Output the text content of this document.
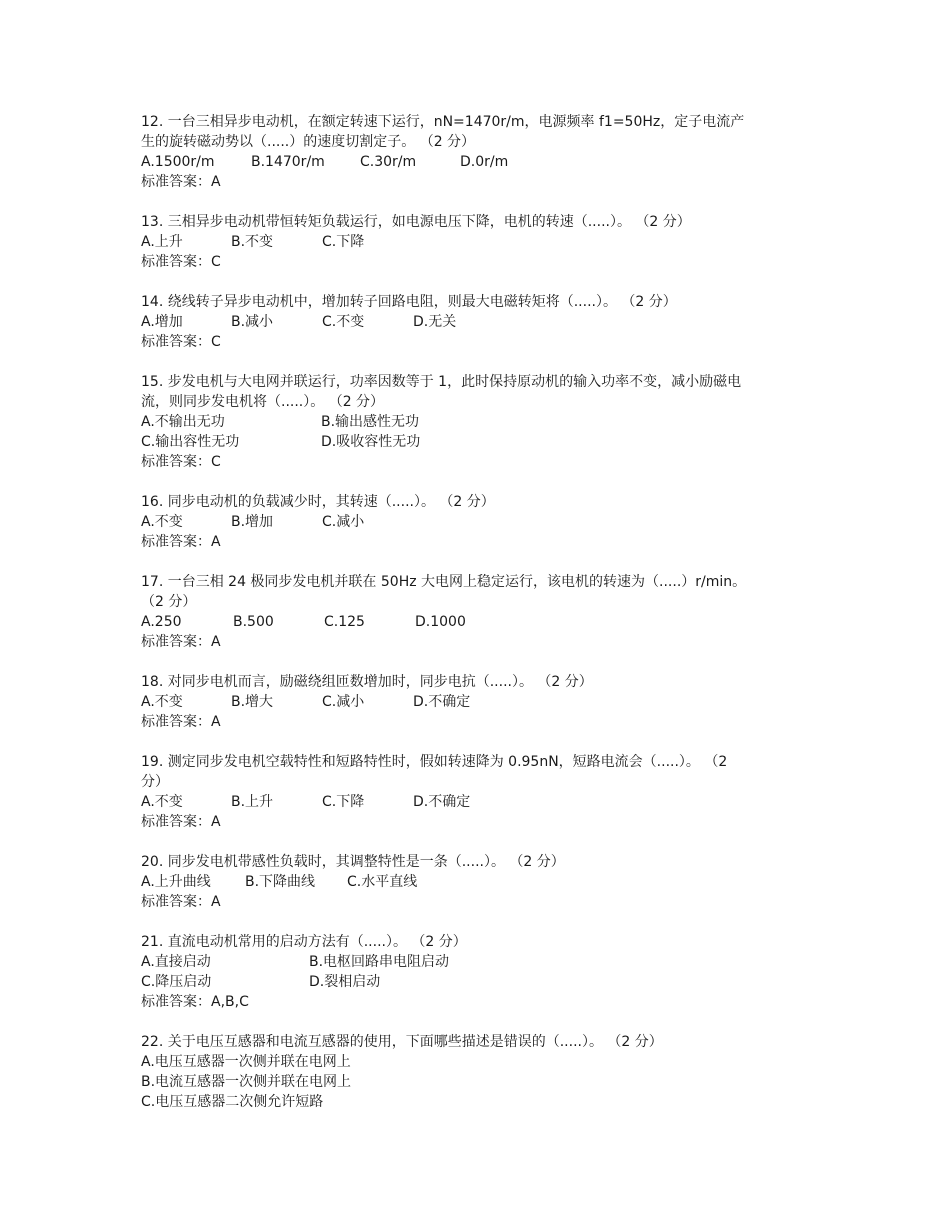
12. 一台三相异步电动机，在额定转速下运行，nN=1470r/m，电源频率 f1=50Hz，定子电流产
生的旋转磁动势以（.....）的速度切割定子。 （2 分）
A.1500r/m	B.1470r/m	C.30r/m	D.0r/m
标准答案：A
13. 三相异步电动机带恒转矩负载运行，如电源电压下降，电机的转速（.....）。 （2 分）
A.上升	B.不变	C.下降
标准答案：C
14. 绕线转子异步电动机中，增加转子回路电阻，则最大电磁转矩将（.....）。 （2 分）
A.增加	B.减小	C.不变	D.无关
标准答案：C
15. 步发电机与大电网并联运行，功率因数等于 1，此时保持原动机的输入功率不变，减小励磁电
流，则同步发电机将（.....）。 （2 分）
A.不输出无功	B.输出感性无功
C.输出容性无功	D.吸收容性无功
标准答案：C
16. 同步电动机的负载减少时，其转速（.....）。 （2 分）
A.不变	B.增加	C.减小
标准答案：A
17. 一台三相 24 极同步发电机并联在 50Hz 大电网上稳定运行，该电机的转速为（.....）r/min。
（2 分）
A.250	B.500	C.125	D.1000
标准答案：A
18. 对同步电机而言，励磁绕组匝数增加时，同步电抗（.....）。 （2 分）
A.不变	B.增大	C.减小	D.不确定
标准答案：A
19. 测定同步发电机空载特性和短路特性时，假如转速降为 0.95nN，短路电流会（.....）。 （2
分）
A.不变	B.上升	C.下降	D.不确定
标准答案：A
20. 同步发电机带感性负载时，其调整特性是一条（.....）。 （2 分）
A.上升曲线 B.下降曲线 C.水平直线
标准答案：A
21. 直流电动机常用的启动方法有（.....）。 （2 分）
A.直接启动	B.电枢回路串电阻启动
C.降压启动	D.裂相启动
标准答案：A,B,C
22. 关于电压互感器和电流互感器的使用，下面哪些描述是错误的（.....）。 （2 分）
A.电压互感器一次侧并联在电网上
B.电流互感器一次侧并联在电网上
C.电压互感器二次侧允许短路
